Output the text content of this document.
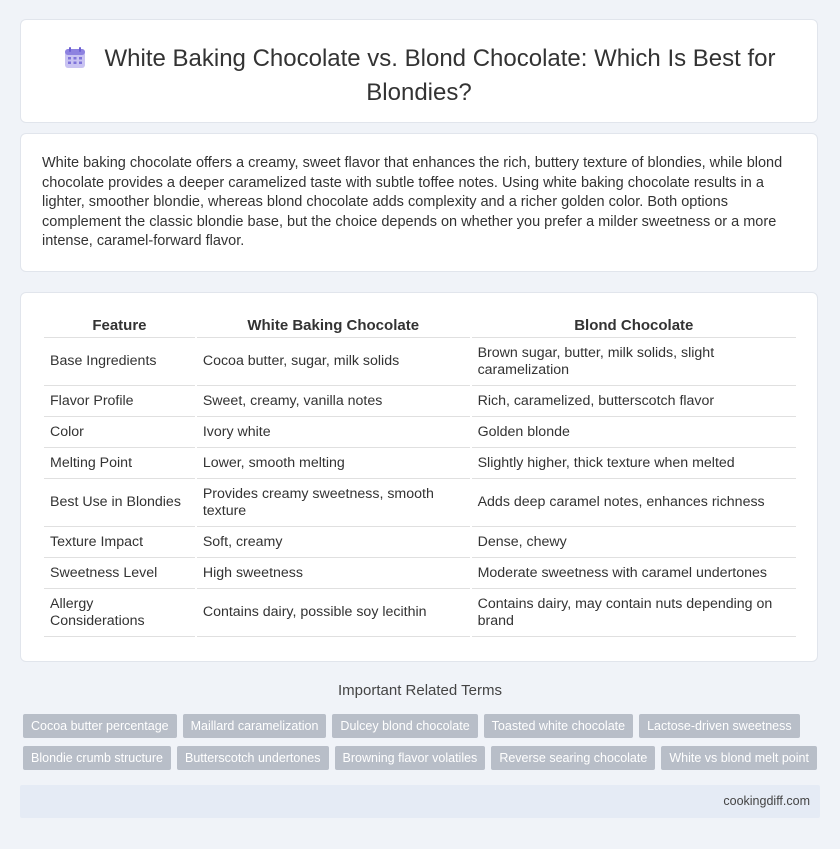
White Baking Chocolate vs. Blond Chocolate: Which Is Best for Blondies?
White baking chocolate offers a creamy, sweet flavor that enhances the rich, buttery texture of blondies, while blond chocolate provides a deeper caramelized taste with subtle toffee notes. Using white baking chocolate results in a lighter, smoother blondie, whereas blond chocolate adds complexity and a richer golden color. Both options complement the classic blondie base, but the choice depends on whether you prefer a milder sweetness or a more intense, caramel-forward flavor.
Feature	White Baking Chocolate	Blond Chocolate
Base Ingredients	Cocoa butter, sugar, milk solids	Brown sugar, butter, milk solids, slight caramelization
Flavor Profile	Sweet, creamy, vanilla notes	Rich, caramelized, butterscotch flavor
Color	Ivory white	Golden blonde
Melting Point	Lower, smooth melting	Slightly higher, thick texture when melted
Best Use in Blondies	Provides creamy sweetness, smooth texture	Adds deep caramel notes, enhances richness
Texture Impact	Soft, creamy	Dense, chewy
Sweetness Level	High sweetness	Moderate sweetness with caramel undertones
Allergy Considerations	Contains dairy, possible soy lecithin	Contains dairy, may contain nuts depending on brand
Important Related Terms
Cocoa butter percentage	Maillard caramelization	Dulcey blond chocolate	Toasted white chocolate	Lactose-driven sweetness
Blondie crumb structure	Butterscotch undertones	Browning flavor volatiles	Reverse searing chocolate	White vs blond melt point
cookingdiff.com
